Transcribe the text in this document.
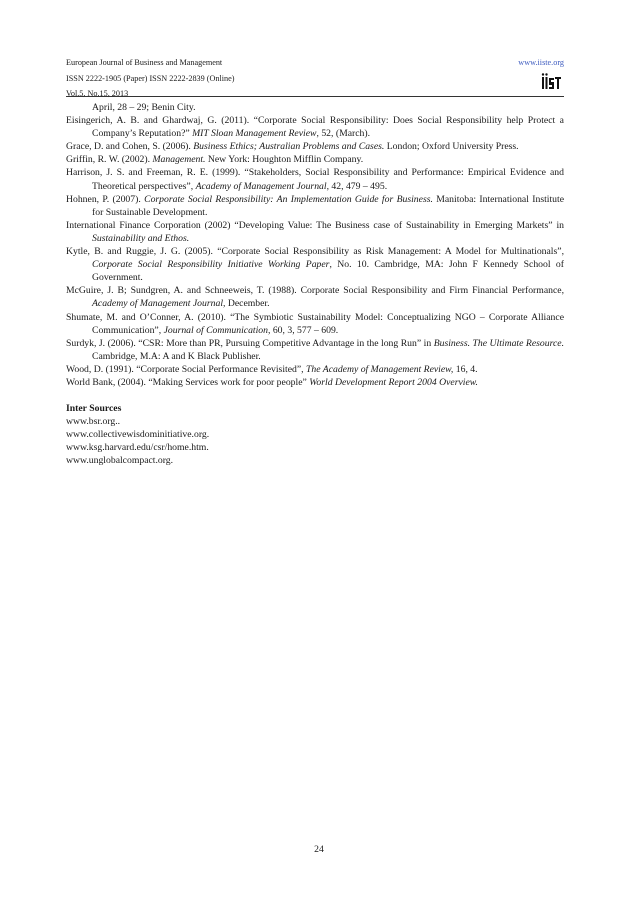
European Journal of Business and Management	www.iiste.org
ISSN 2222-1905 (Paper) ISSN 2222-2839 (Online)
Vol.5, No.15, 2013
April, 28 – 29; Benin City.
Eisingerich, A. B. and Ghardwaj, G. (2011). “Corporate Social Responsibility: Does Social Responsibility help Protect a Company’s Reputation?” MIT Sloan Management Review, 52, (March).
Grace, D. and Cohen, S. (2006). Business Ethics; Australian Problems and Cases. London; Oxford University Press.
Griffin, R. W. (2002). Management. New York: Houghton Mifflin Company.
Harrison, J. S. and Freeman, R. E. (1999). “Stakeholders, Social Responsibility and Performance: Empirical Evidence and Theoretical perspectives”, Academy of Management Journal, 42, 479 – 495.
Hohnen, P. (2007). Corporate Social Responsibility: An Implementation Guide for Business. Manitoba: International Institute for Sustainable Development.
International Finance Corporation (2002) “Developing Value: The Business case of Sustainability in Emerging Markets” in Sustainability and Ethos.
Kytle, B. and Ruggie, J. G. (2005). “Corporate Social Responsibility as Risk Management: A Model for Multinationals”, Corporate Social Responsibility Initiative Working Paper, No. 10. Cambridge, MA: John F Kennedy School of Government.
McGuire, J. B; Sundgren, A. and Schneeweis, T. (1988). Corporate Social Responsibility and Firm Financial Performance, Academy of Management Journal, December.
Shumate, M. and O’Conner, A. (2010). “The Symbiotic Sustainability Model: Conceptualizing NGO – Corporate Alliance Communication”, Journal of Communication, 60, 3, 577 – 609.
Surdyk, J. (2006). “CSR: More than PR, Pursuing Competitive Advantage in the long Run” in Business. The Ultimate Resource. Cambridge, M.A: A and K Black Publisher.
Wood, D. (1991). “Corporate Social Performance Revisited”, The Academy of Management Review, 16, 4.
World Bank, (2004). “Making Services work for poor people” World Development Report 2004 Overview.
Inter Sources
www.bsr.org..
www.collectivewisdominitiative.org.
www.ksg.harvard.edu/csr/home.htm.
www.unglobalcompact.org.
24
